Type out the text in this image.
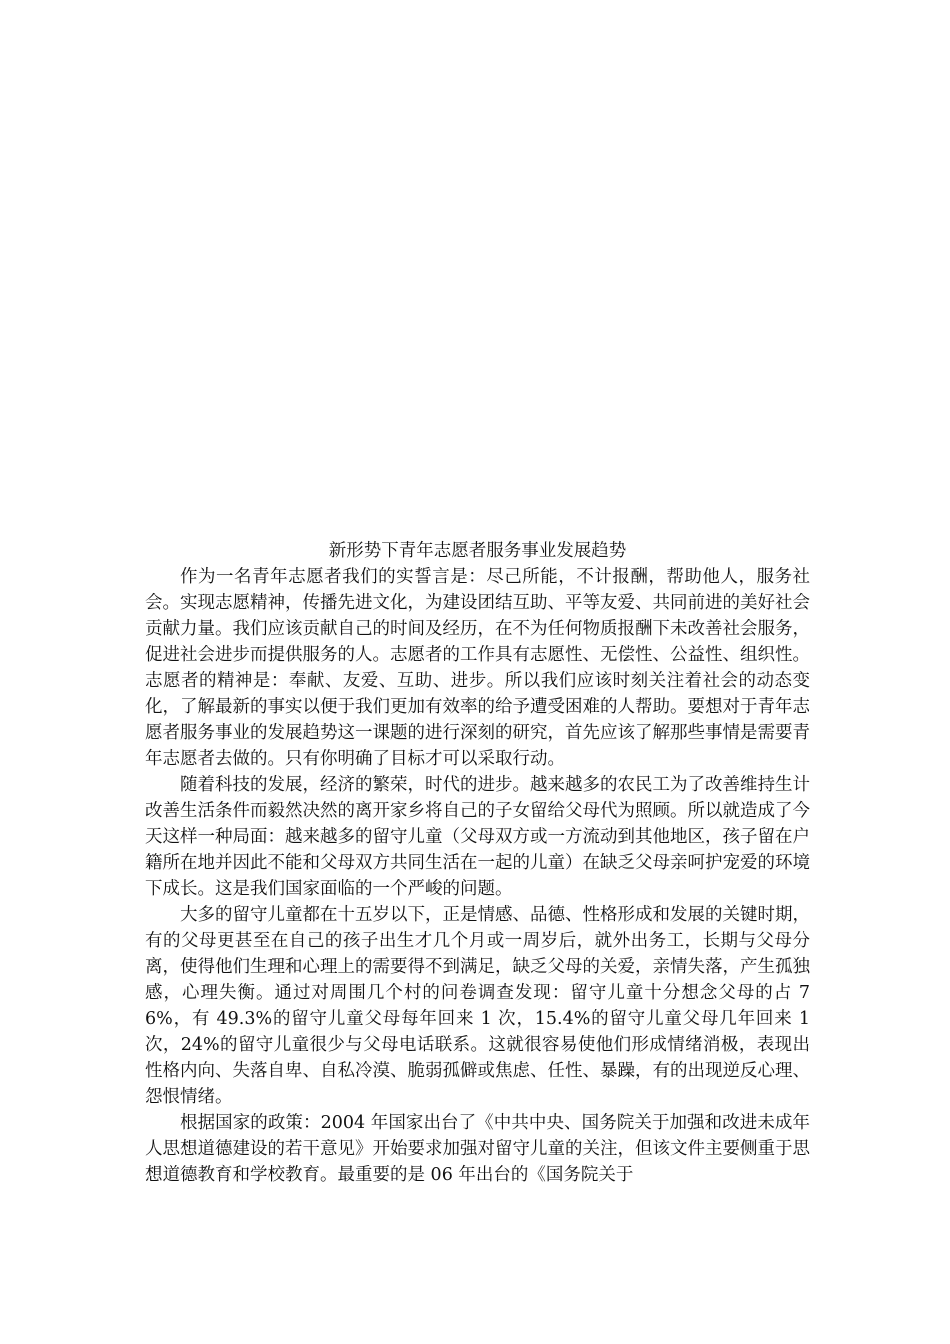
新形势下青年志愿者服务事业发展趋势

作为一名青年志愿者我们的实誓言是：尽己所能，不计报酬，帮助他人，服务社会。实现志愿精神，传播先进文化，为建设团结互助、平等友爱、共同前进的美好社会贡献力量。我们应该贡献自己的时间及经历，在不为任何物质报酬下未改善社会服务，促进社会进步而提供服务的人。志愿者的工作具有志愿性、无偿性、公益性、组织性。志愿者的精神是：奉献、友爱、互助、进步。所以我们应该时刻关注着社会的动态变化，了解最新的事实以便于我们更加有效率的给予遭受困难的人帮助。要想对于青年志愿者服务事业的发展趋势这一课题的进行深刻的研究，首先应该了解那些事情是需要青年志愿者去做的。只有你明确了目标才可以采取行动。

随着科技的发展，经济的繁荣，时代的进步。越来越多的农民工为了改善维持生计改善生活条件而毅然决然的离开家乡将自己的子女留给父母代为照顾。所以就造成了今天这样一种局面：越来越多的留守儿童（父母双方或一方流动到其他地区，孩子留在户籍所在地并因此不能和父母双方共同生活在一起的儿童）在缺乏父母亲呵护宠爱的环境下成长。这是我们国家面临的一个严峻的问题。

大多的留守儿童都在十五岁以下，正是情感、品德、性格形成和发展的关键时期，有的父母更甚至在自己的孩子出生才几个月或一周岁后，就外出务工，长期与父母分离，使得他们生理和心理上的需要得不到满足，缺乏父母的关爱，亲情失落，产生孤独感，心理失衡。通过对周围几个村的问卷调查发现：留守儿童十分想念父母的占 76%，有 49.3%的留守儿童父母每年回来 1 次，15.4%的留守儿童父母几年回来 1 次，24%的留守儿童很少与父母电话联系。这就很容易使他们形成情绪消极，表现出性格内向、失落自卑、自私冷漠、脆弱孤僻或焦虑、任性、暴躁，有的出现逆反心理、怨恨情绪。

根据国家的政策：2004 年国家出台了《中共中央、国务院关于加强和改进未成年人思想道德建设的若干意见》开始要求加强对留守儿童的关注，但该文件主要侧重于思想道德教育和学校教育。最重要的是 06 年出台的《国务院关于
